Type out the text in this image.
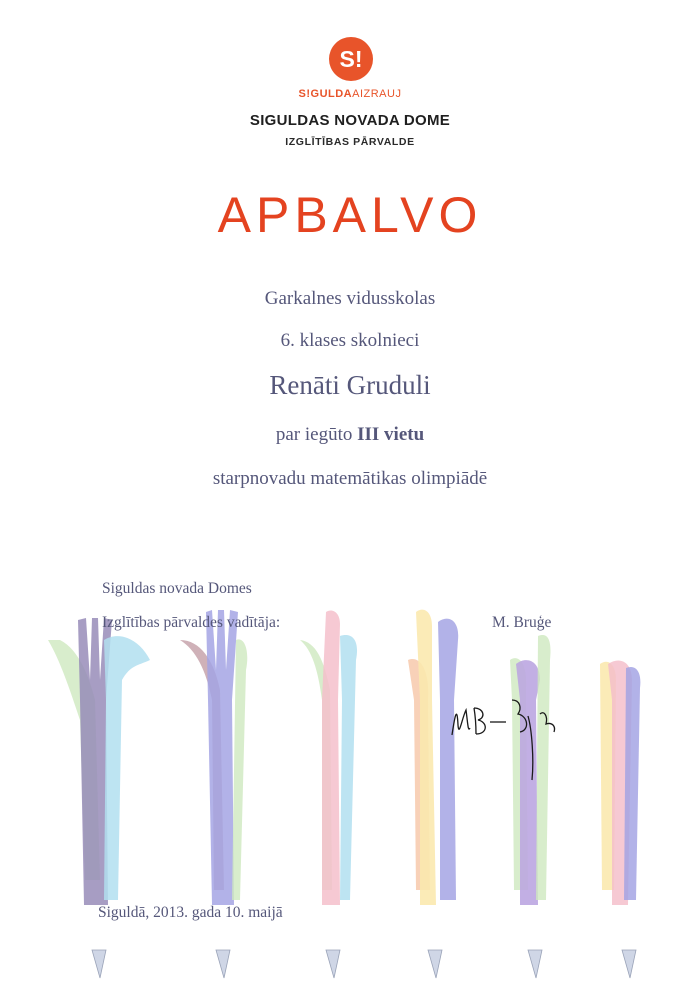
S!
S!GULDAAIZRAUJ
SIGULDAS NOVADA DOME
IZGLĪTĪBAS PĀRVALDE
APBALVO
Garkalnes vidusskolas
6. klases skolnieci
Renāti Gruduli
par iegūto III vietu
starpnovadu matemātikas olimpiādē
Siguldas novada Domes
Izglītības pārvaldes vadītāja:	M. Bruģe
Siguldā, 2013. gada 10. maijā
